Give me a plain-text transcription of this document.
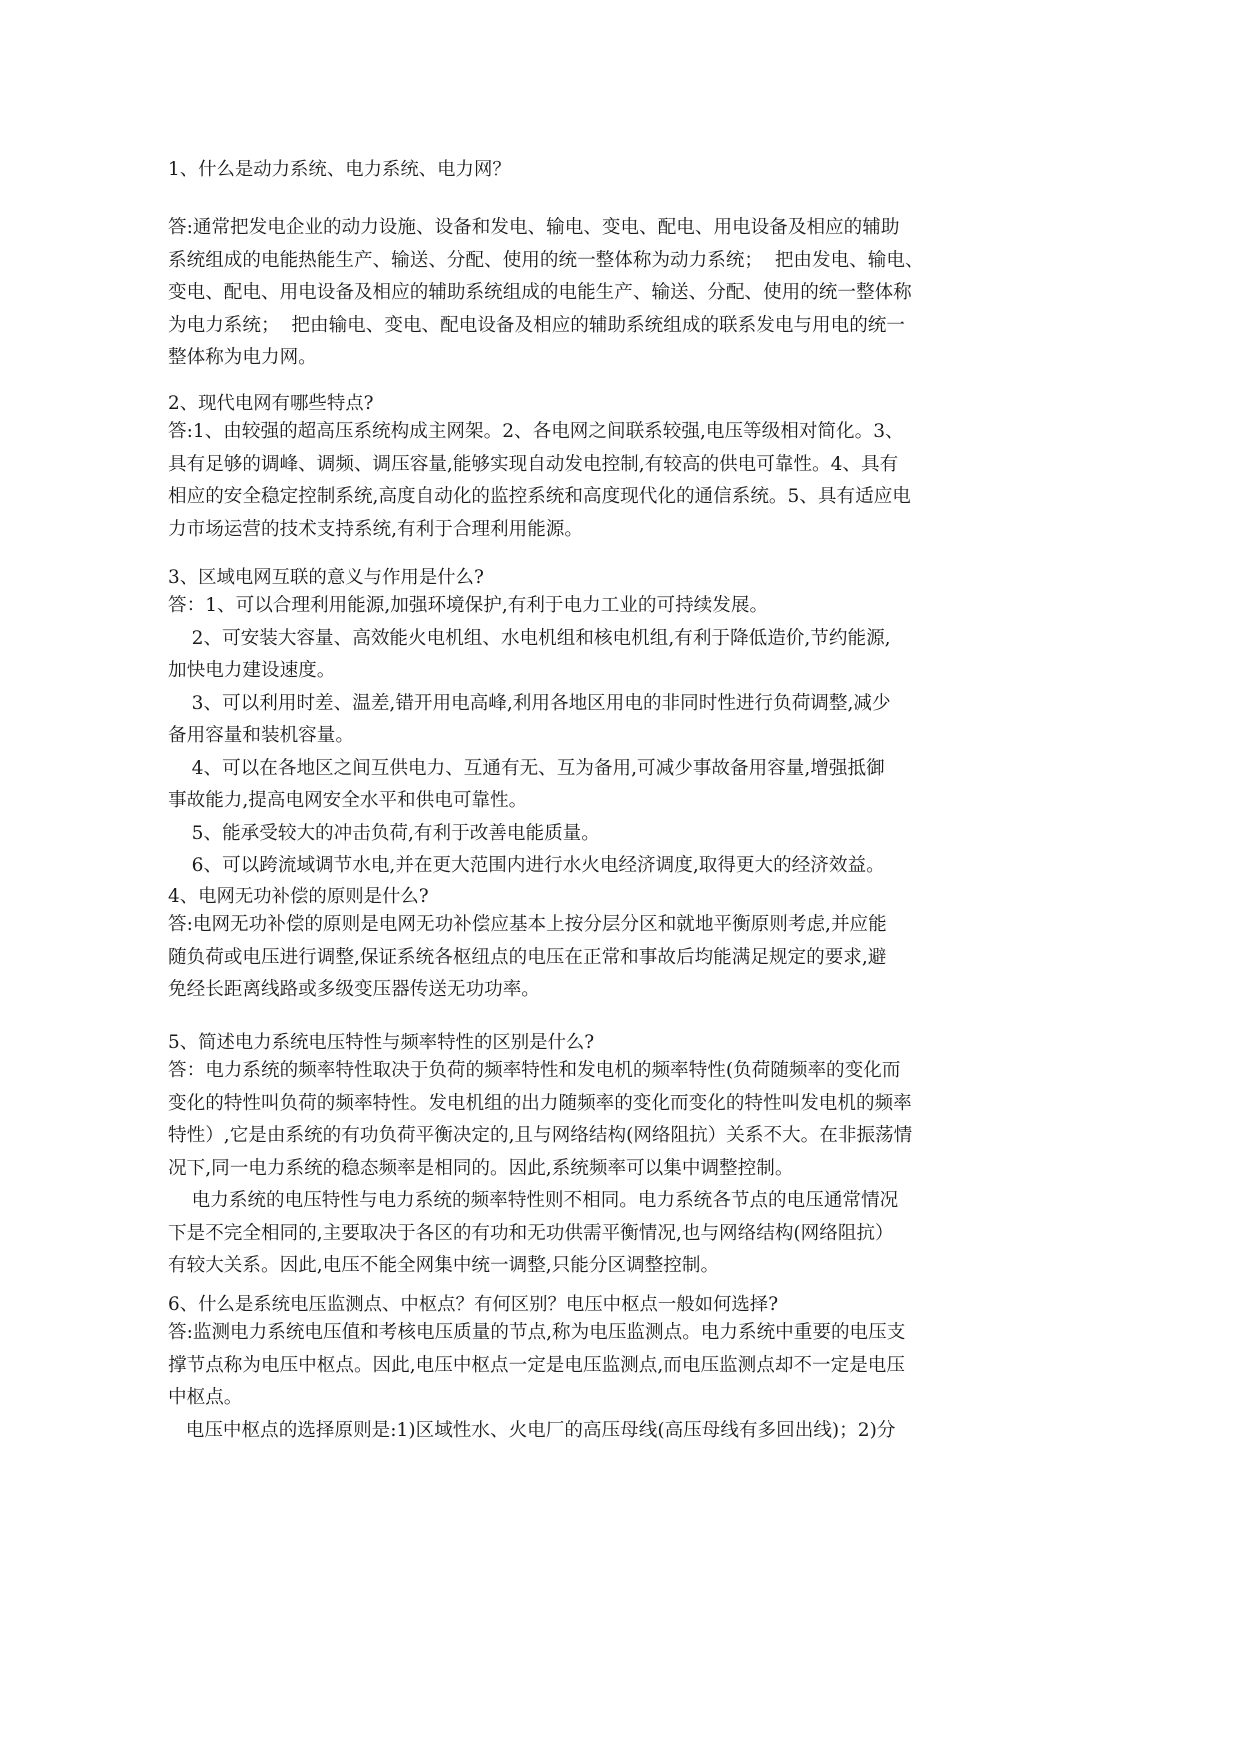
1、什么是动力系统、电力系统、电力网？

答:通常把发电企业的动力设施、设备和发电、输电、变电、配电、用电设备及相应的辅助

系统组成的电能热能生产、输送、分配、使用的统一整体称为动力系统；  把由发电、输电、

变电、配电、用电设备及相应的辅助系统组成的电能生产、输送、分配、使用的统一整体称

为电力系统；  把由输电、变电、配电设备及相应的辅助系统组成的联系发电与用电的统一

整体称为电力网。

2、现代电网有哪些特点?

答:1、由较强的超高压系统构成主网架。2、各电网之间联系较强,电压等级相对简化。3、

具有足够的调峰、调频、调压容量,能够实现自动发电控制,有较高的供电可靠性。4、具有

相应的安全稳定控制系统,高度自动化的监控系统和高度现代化的通信系统。5、具有适应电

力市场运营的技术支持系统,有利于合理利用能源。

3、区域电网互联的意义与作用是什么?

答：1、可以合理利用能源,加强环境保护,有利于电力工业的可持续发展。

2、可安装大容量、高效能火电机组、水电机组和核电机组,有利于降低造价,节约能源,

加快电力建设速度。

3、可以利用时差、温差,错开用电高峰,利用各地区用电的非同时性进行负荷调整,减少

备用容量和装机容量。

4、可以在各地区之间互供电力、互通有无、互为备用,可减少事故备用容量,增强抵御

事故能力,提高电网安全水平和供电可靠性。

5、能承受较大的冲击负荷,有利于改善电能质量。

6、可以跨流域调节水电,并在更大范围内进行水火电经济调度,取得更大的经济效益。

4、电网无功补偿的原则是什么?

答:电网无功补偿的原则是电网无功补偿应基本上按分层分区和就地平衡原则考虑,并应能

随负荷或电压进行调整,保证系统各枢纽点的电压在正常和事故后均能满足规定的要求,避

免经长距离线路或多级变压器传送无功功率。

5、简述电力系统电压特性与频率特性的区别是什么?

答：电力系统的频率特性取决于负荷的频率特性和发电机的频率特性(负荷随频率的变化而

变化的特性叫负荷的频率特性。发电机组的出力随频率的变化而变化的特性叫发电机的频率

特性）,它是由系统的有功负荷平衡决定的,且与网络结构(网络阻抗）关系不大。在非振荡情

况下,同一电力系统的稳态频率是相同的。因此,系统频率可以集中调整控制。

电力系统的电压特性与电力系统的频率特性则不相同。电力系统各节点的电压通常情况

下是不完全相同的,主要取决于各区的有功和无功供需平衡情况,也与网络结构(网络阻抗）

有较大关系。因此,电压不能全网集中统一调整,只能分区调整控制。

6、什么是系统电压监测点、中枢点？有何区别？电压中枢点一般如何选择?

答:监测电力系统电压值和考核电压质量的节点,称为电压监测点。电力系统中重要的电压支

撑节点称为电压中枢点。因此,电压中枢点一定是电压监测点,而电压监测点却不一定是电压

中枢点。

电压中枢点的选择原则是:1)区域性水、火电厂的高压母线(高压母线有多回出线)；2)分
